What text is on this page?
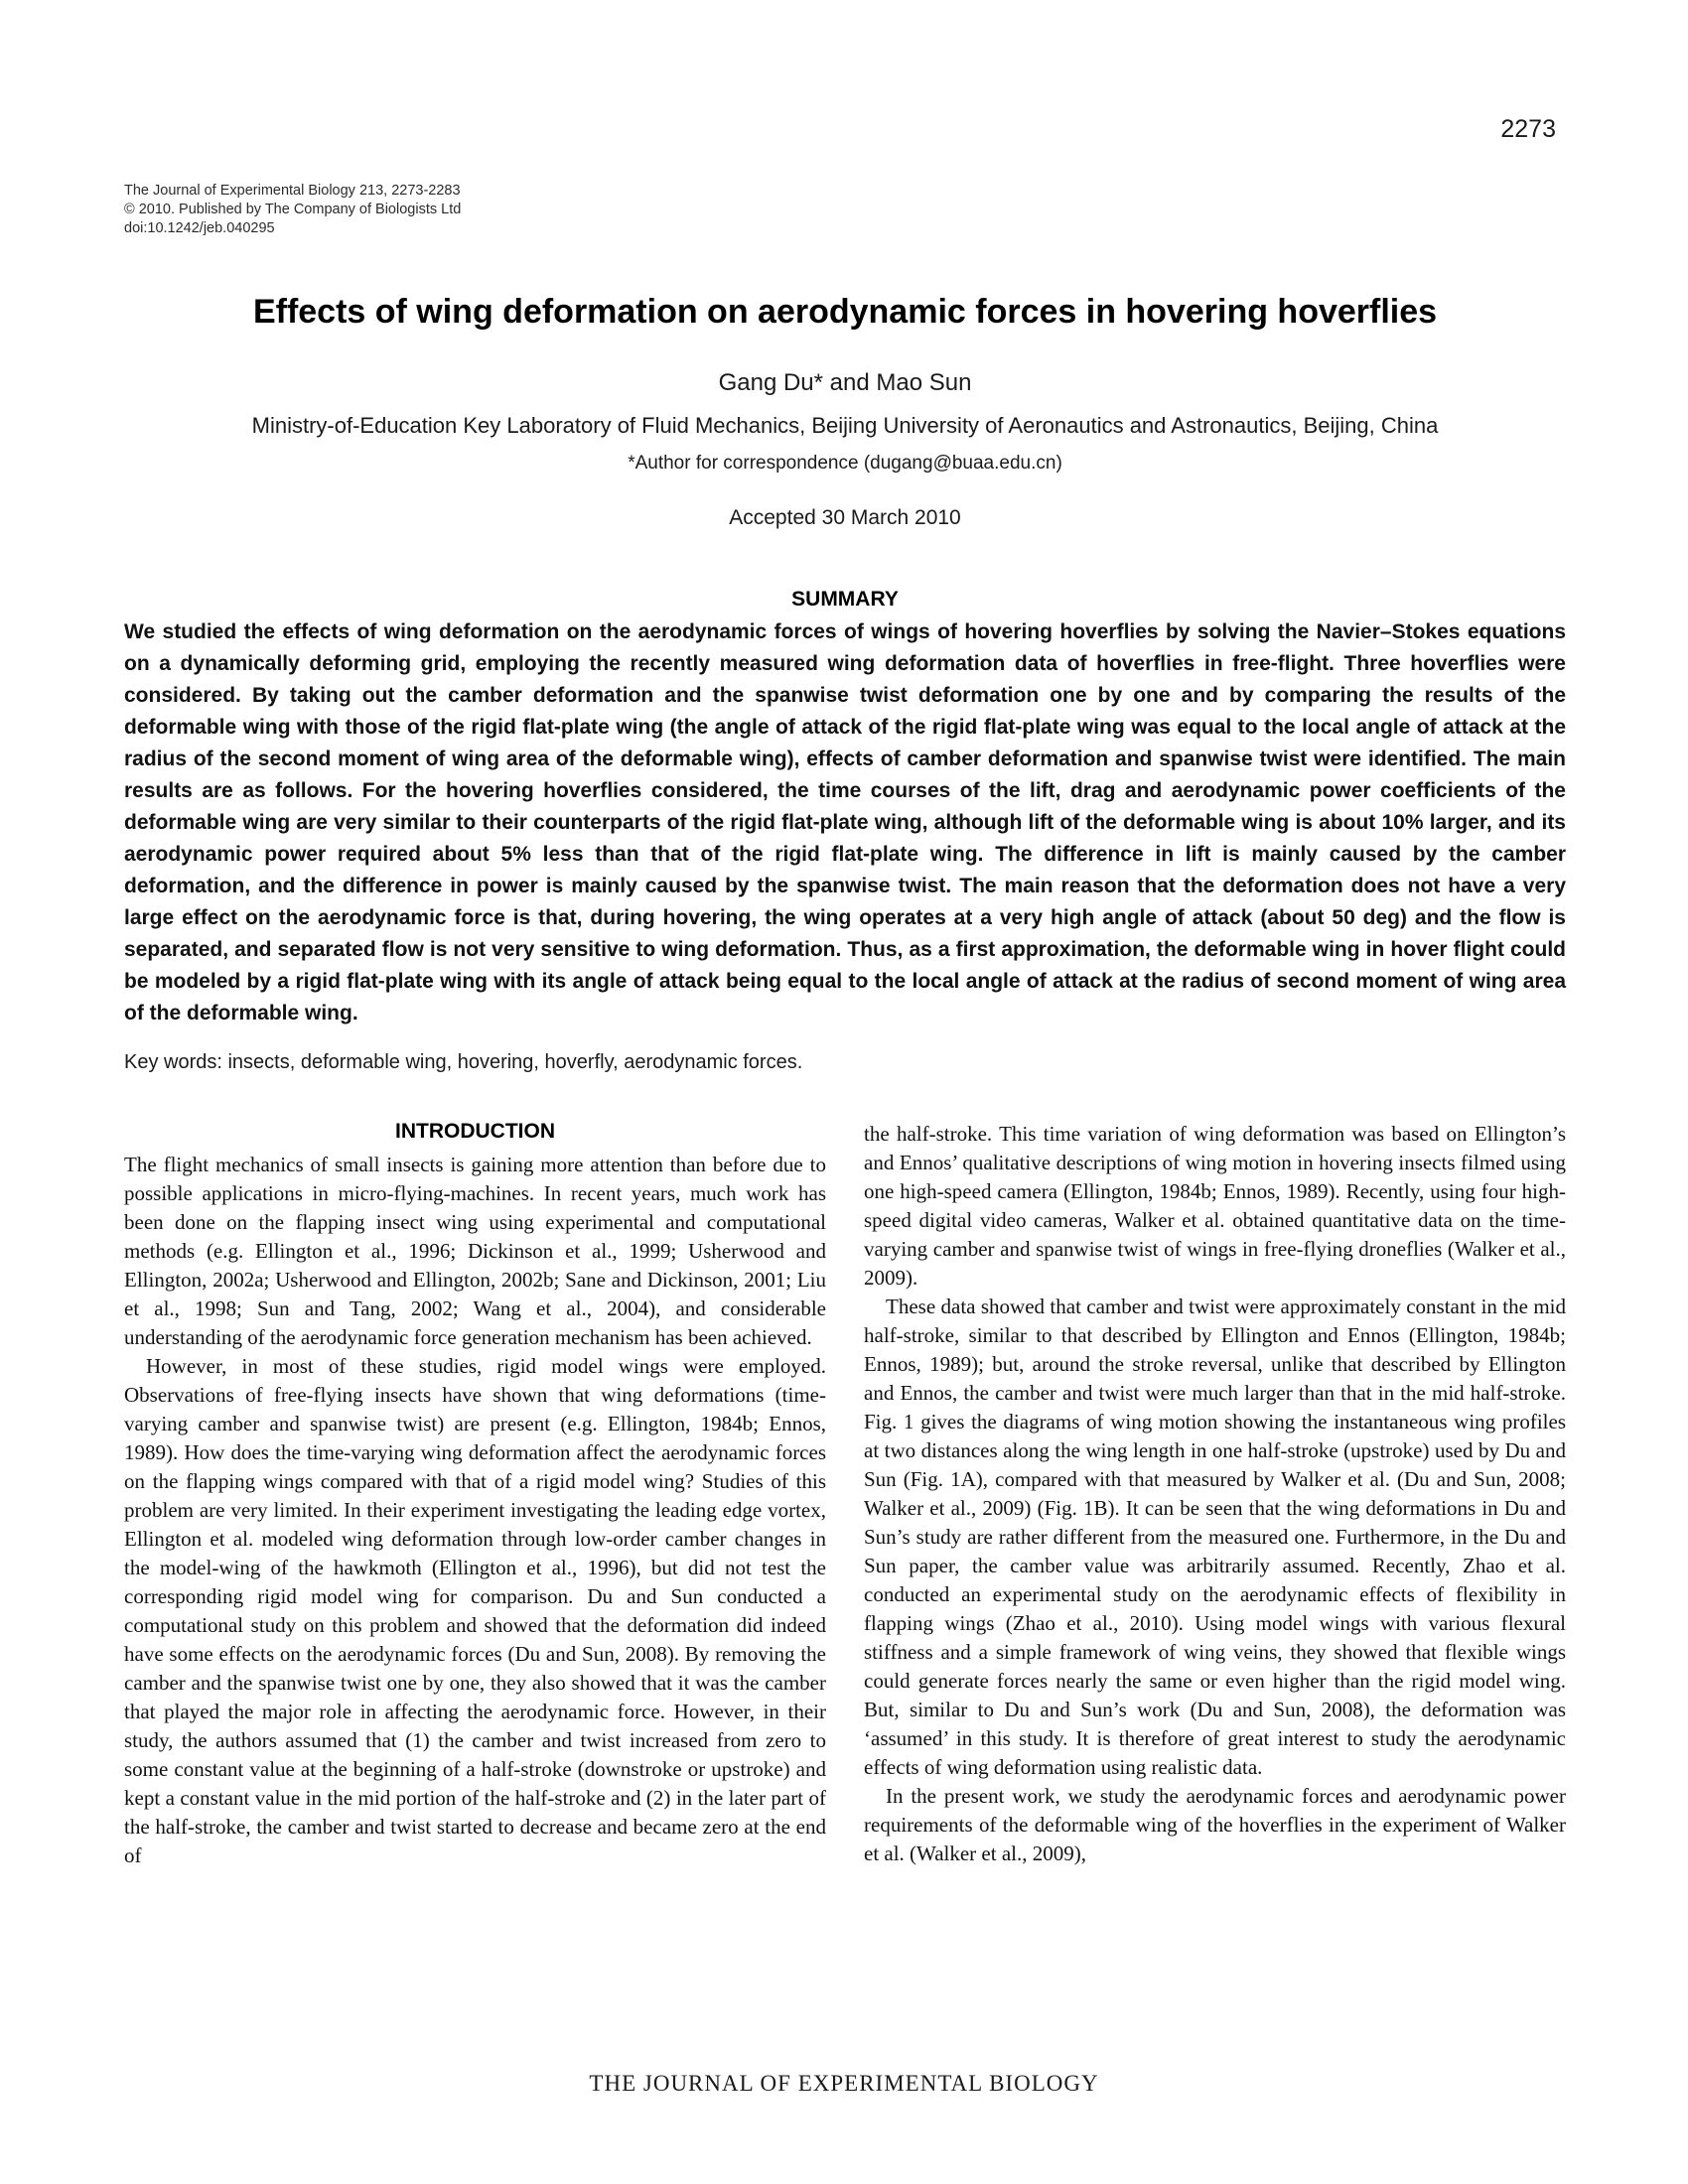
2273
The Journal of Experimental Biology 213, 2273-2283
© 2010. Published by The Company of Biologists Ltd
doi:10.1242/jeb.040295
Effects of wing deformation on aerodynamic forces in hovering hoverflies
Gang Du* and Mao Sun
Ministry-of-Education Key Laboratory of Fluid Mechanics, Beijing University of Aeronautics and Astronautics, Beijing, China
*Author for correspondence (dugang@buaa.edu.cn)
Accepted 30 March 2010
SUMMARY

We studied the effects of wing deformation on the aerodynamic forces of wings of hovering hoverflies by solving the Navier–Stokes equations on a dynamically deforming grid, employing the recently measured wing deformation data of hoverflies in free-flight. Three hoverflies were considered. By taking out the camber deformation and the spanwise twist deformation one by one and by comparing the results of the deformable wing with those of the rigid flat-plate wing (the angle of attack of the rigid flat-plate wing was equal to the local angle of attack at the radius of the second moment of wing area of the deformable wing), effects of camber deformation and spanwise twist were identified. The main results are as follows. For the hovering hoverflies considered, the time courses of the lift, drag and aerodynamic power coefficients of the deformable wing are very similar to their counterparts of the rigid flat-plate wing, although lift of the deformable wing is about 10% larger, and its aerodynamic power required about 5% less than that of the rigid flat-plate wing. The difference in lift is mainly caused by the camber deformation, and the difference in power is mainly caused by the spanwise twist. The main reason that the deformation does not have a very large effect on the aerodynamic force is that, during hovering, the wing operates at a very high angle of attack (about 50 deg) and the flow is separated, and separated flow is not very sensitive to wing deformation. Thus, as a first approximation, the deformable wing in hover flight could be modeled by a rigid flat-plate wing with its angle of attack being equal to the local angle of attack at the radius of second moment of wing area of the deformable wing.

Key words: insects, deformable wing, hovering, hoverfly, aerodynamic forces.
INTRODUCTION

The flight mechanics of small insects is gaining more attention than before due to possible applications in micro-flying-machines. In recent years, much work has been done on the flapping insect wing using experimental and computational methods (e.g. Ellington et al., 1996; Dickinson et al., 1999; Usherwood and Ellington, 2002a; Usherwood and Ellington, 2002b; Sane and Dickinson, 2001; Liu et al., 1998; Sun and Tang, 2002; Wang et al., 2004), and considerable understanding of the aerodynamic force generation mechanism has been achieved.

However, in most of these studies, rigid model wings were employed. Observations of free-flying insects have shown that wing deformations (time-varying camber and spanwise twist) are present (e.g. Ellington, 1984b; Ennos, 1989). How does the time-varying wing deformation affect the aerodynamic forces on the flapping wings compared with that of a rigid model wing? Studies of this problem are very limited. In their experiment investigating the leading edge vortex, Ellington et al. modeled wing deformation through low-order camber changes in the model-wing of the hawkmoth (Ellington et al., 1996), but did not test the corresponding rigid model wing for comparison. Du and Sun conducted a computational study on this problem and showed that the deformation did indeed have some effects on the aerodynamic forces (Du and Sun, 2008). By removing the camber and the spanwise twist one by one, they also showed that it was the camber that played the major role in affecting the aerodynamic force. However, in their study, the authors assumed that (1) the camber and twist increased from zero to some constant value at the beginning of a half-stroke (downstroke or upstroke) and kept a constant value in the mid portion of the half-stroke and (2) in the later part of the half-stroke, the camber and twist started to decrease and became zero at the end of

the half-stroke. This time variation of wing deformation was based on Ellington’s and Ennos’ qualitative descriptions of wing motion in hovering insects filmed using one high-speed camera (Ellington, 1984b; Ennos, 1989). Recently, using four high-speed digital video cameras, Walker et al. obtained quantitative data on the time-varying camber and spanwise twist of wings in free-flying droneflies (Walker et al., 2009).

These data showed that camber and twist were approximately constant in the mid half-stroke, similar to that described by Ellington and Ennos (Ellington, 1984b; Ennos, 1989); but, around the stroke reversal, unlike that described by Ellington and Ennos, the camber and twist were much larger than that in the mid half-stroke. Fig. 1 gives the diagrams of wing motion showing the instantaneous wing profiles at two distances along the wing length in one half-stroke (upstroke) used by Du and Sun (Fig. 1A), compared with that measured by Walker et al. (Du and Sun, 2008; Walker et al., 2009) (Fig. 1B). It can be seen that the wing deformations in Du and Sun’s study are rather different from the measured one. Furthermore, in the Du and Sun paper, the camber value was arbitrarily assumed. Recently, Zhao et al. conducted an experimental study on the aerodynamic effects of flexibility in flapping wings (Zhao et al., 2010). Using model wings with various flexural stiffness and a simple framework of wing veins, they showed that flexible wings could generate forces nearly the same or even higher than the rigid model wing. But, similar to Du and Sun’s work (Du and Sun, 2008), the deformation was ‘assumed’ in this study. It is therefore of great interest to study the aerodynamic effects of wing deformation using realistic data.

In the present work, we study the aerodynamic forces and aerodynamic power requirements of the deformable wing of the hoverflies in the experiment of Walker et al. (Walker et al., 2009),

THE JOURNAL OF EXPERIMENTAL BIOLOGY
